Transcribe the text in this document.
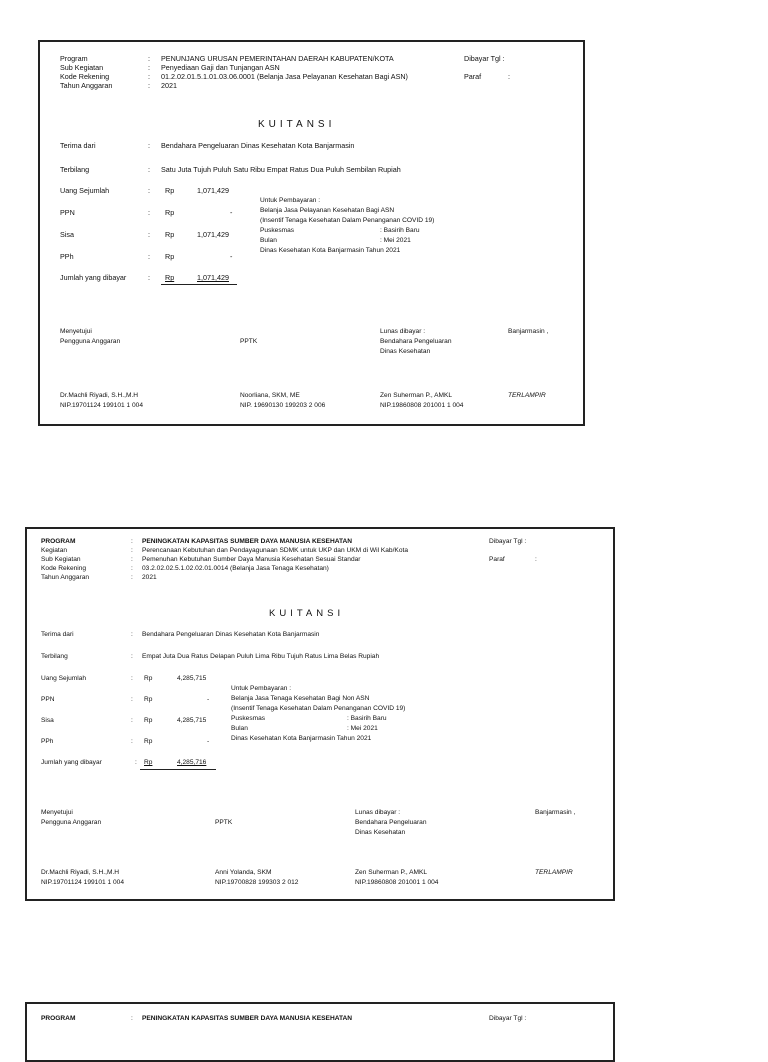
Program	: PENUNJANG URUSAN PEMERINTAHAN DAERAH KABUPATEN/KOTA	Dibayar Tgl :
Sub Kegiatan	: Penyediaan Gaji dan Tunjangan ASN
Kode Rekening	: 01.2.02.01.5.1.01.03.06.0001 (Belanja Jasa Pelayanan Kesehatan Bagi ASN)	Paraf	:
Tahun Anggaran	: 2021
KUITANSI
Terima dari	: Bendahara Pengeluaran Dinas Kesehatan Kota Banjarmasin
Terbilang	: Satu Juta Tujuh Puluh Satu Ribu Empat Ratus Dua Puluh Sembilan Rupiah
Uang Sejumlah	: Rp	1,071,429
PPN	: Rp	-
Sisa	: Rp	1,071,429
PPh	: Rp	-
Jumlah yang dibayar	: Rp	1,071,429
Untuk Pembayaran :
Belanja Jasa Pelayanan Kesehatan Bagi ASN
(Insentif Tenaga Kesehatan Dalam Penanganan COVID 19)
Puskesmas	: Basirih Baru
Bulan	: Mei 2021
Dinas Kesehatan Kota Banjarmasin Tahun 2021
Menyetujui
Pengguna Anggaran	PPTK
Lunas dibayar :
Bendahara Pengeluaran
Dinas Kesehatan
Banjarmasin ,
Dr.Machli Riyadi, S.H.,M.H
NIP.19701124 199101 1 004
Noorliana, SKM, ME
NIP. 19690130 199203 2 006
Zen Suherman P., AMKL
NIP.19860808 201001 1 004
TERLAMPIR
PROGRAM	: PENINGKATAN KAPASITAS SUMBER DAYA MANUSIA KESEHATAN	Dibayar Tgl :
Kegiatan	: Perencanaan Kebutuhan dan Pendayagunaan SDMK untuk UKP dan UKM di Wil Kab/Kota
Sub Kegiatan	: Pemenuhan Kebutuhan Sumber Daya Manusia Kesehatan Sesuai Standar	Paraf	:
Kode Rekening	: 03.2.02.02.5.1.02.02.01.0014 (Belanja Jasa Tenaga Kesehatan)
Tahun Anggaran	: 2021
KUITANSI
Terima dari	: Bendahara Pengeluaran Dinas Kesehatan Kota Banjarmasin
Terbilang	: Empat Juta Dua Ratus Delapan Puluh Lima Ribu Tujuh Ratus Lima Belas Rupiah
Uang Sejumlah	: Rp	4,285,715
PPN	: Rp	-
Sisa	: Rp	4,285,715
PPh	: Rp	-
Jumlah yang dibayar	: Rp	4,285,716
Untuk Pembayaran :
Belanja Jasa Tenaga Kesehatan Bagi Non ASN
(Insentif Tenaga Kesehatan Dalam Penanganan COVID 19)
Puskesmas	: Basirih Baru
Bulan	: Mei 2021
Dinas Kesehatan Kota Banjarmasin Tahun 2021
Menyetujui
Pengguna Anggaran	PPTK
Lunas dibayar :
Bendahara Pengeluaran
Dinas Kesehatan
Banjarmasin ,
Dr.Machli Riyadi, S.H.,M.H
NIP.19701124 199101 1 004
Anni Yolanda, SKM
NIP.19700828 199303 2 012
Zen Suherman P., AMKL
NIP.19860808 201001 1 004
TERLAMPIR
PROGRAM	: PENINGKATAN KAPASITAS SUMBER DAYA MANUSIA KESEHATAN	Dibayar Tgl :
